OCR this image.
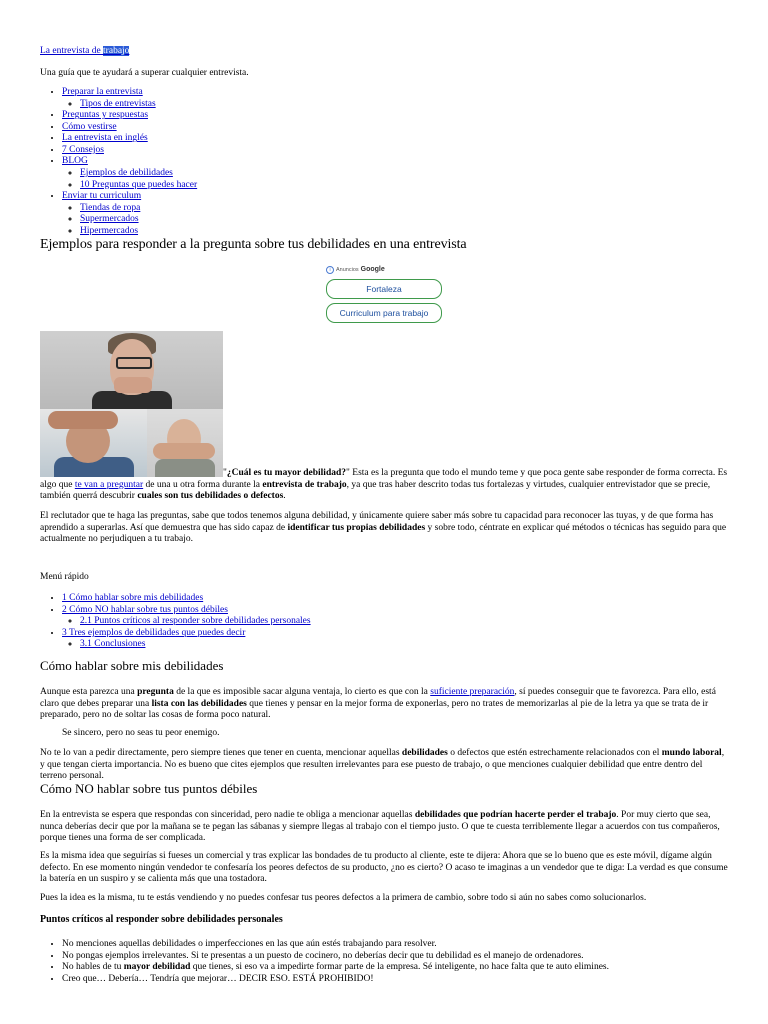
La entrevista de trabajo
Una guía que te ayudará a superar cualquier entrevista.
• Preparar la entrevista
◦ Tipos de entrevistas
• Preguntas y respuestas
• Cómo vestirse
• La entrevista en inglés
• 7 Consejos
• BLOG
◦ Ejemplos de debilidades
◦ 10 Preguntas que puedes hacer
• Enviar tu curriculum
◦ Tiendas de ropa
◦ Supermercados
◦ Hipermercados
Ejemplos para responder a la pregunta sobre tus debilidades en una entrevista
i Anuncios Google
Fortaleza
Curriculum para trabajo

"¿Cuál es tu mayor debilidad?" Esta es la pregunta que todo el mundo teme y que poca gente sabe responder de forma correcta. Es algo que te van a preguntar de una u otra forma durante la entrevista de trabajo, ya que tras haber descrito todas tus fortalezas y virtudes, cualquier entrevistador que se precie, también querrá descubrir cuales son tus debilidades o defectos.

El reclutador que te haga las preguntas, sabe que todos tenemos alguna debilidad, y únicamente quiere saber más sobre tu capacidad para reconocer las tuyas, y de que forma has aprendido a superarlas. Así que demuestra que has sido capaz de identificar tus propias debilidades y sobre todo, céntrate en explicar qué métodos o técnicas has seguido para que actualmente no perjudiquen a tu trabajo.

Menú rápido
• 1 Cómo hablar sobre mis debilidades
• 2 Cómo NO hablar sobre tus puntos débiles
◦ 2.1 Puntos críticos al responder sobre debilidades personales
• 3 Tres ejemplos de debilidades que puedes decir
◦ 3.1 Conclusiones
Cómo hablar sobre mis debilidades

Aunque esta parezca una pregunta de la que es imposible sacar alguna ventaja, lo cierto es que con la suficiente preparación, sí puedes conseguir que te favorezca. Para ello, está claro que debes preparar una lista con las debilidades que tienes y pensar en la mejor forma de exponerlas, pero no trates de memorizarlas al pie de la letra ya que se trata de ir preparado, pero no de soltar las cosas de forma poco natural.

Se sincero, pero no seas tu peor enemigo.

No te lo van a pedir directamente, pero siempre tienes que tener en cuenta, mencionar aquellas debilidades o defectos que estén estrechamente relacionados con el mundo laboral, y que tengan cierta importancia. No es bueno que cites ejemplos que resulten irrelevantes para ese puesto de trabajo, o que menciones cualquier debilidad que entre dentro del terreno personal.

Cómo NO hablar sobre tus puntos débiles

En la entrevista se espera que respondas con sinceridad, pero nadie te obliga a mencionar aquellas debilidades que podrían hacerte perder el trabajo. Por muy cierto que sea, nunca deberías decir que por la mañana se te pegan las sábanas y siempre llegas al trabajo con el tiempo justo. O que te cuesta terriblemente llegar a acuerdos con tus compañeros, porque tienes una forma de ser complicada.

Es la misma idea que seguirías si fueses un comercial y tras explicar las bondades de tu producto al cliente, este te dijera: Ahora que se lo bueno que es este móvil, dígame algún defecto. En ese momento ningún vendedor te confesaría los peores defectos de su producto, ¿no es cierto? O acaso te imaginas a un vendedor que te diga: La verdad es que consume la batería en un suspiro y se calienta más que una tostadora.

Pues la idea es la misma, tu te estás vendiendo y no puedes confesar tus peores defectos a la primera de cambio, sobre todo si aún no sabes como solucionarlos.

Puntos críticos al responder sobre debilidades personales
• No menciones aquellas debilidades o imperfecciones en las que aún estés trabajando para resolver.
• No pongas ejemplos irrelevantes. Si te presentas a un puesto de cocinero, no deberías decir que tu debilidad es el manejo de ordenadores.
• No hables de tu mayor debilidad que tienes, si eso va a impedirte formar parte de la empresa. Sé inteligente, no hace falta que te auto elimines.
• Creo que… Debería… Tendría que mejorar… DECIR ESO. ESTÁ PROHIBIDO!
